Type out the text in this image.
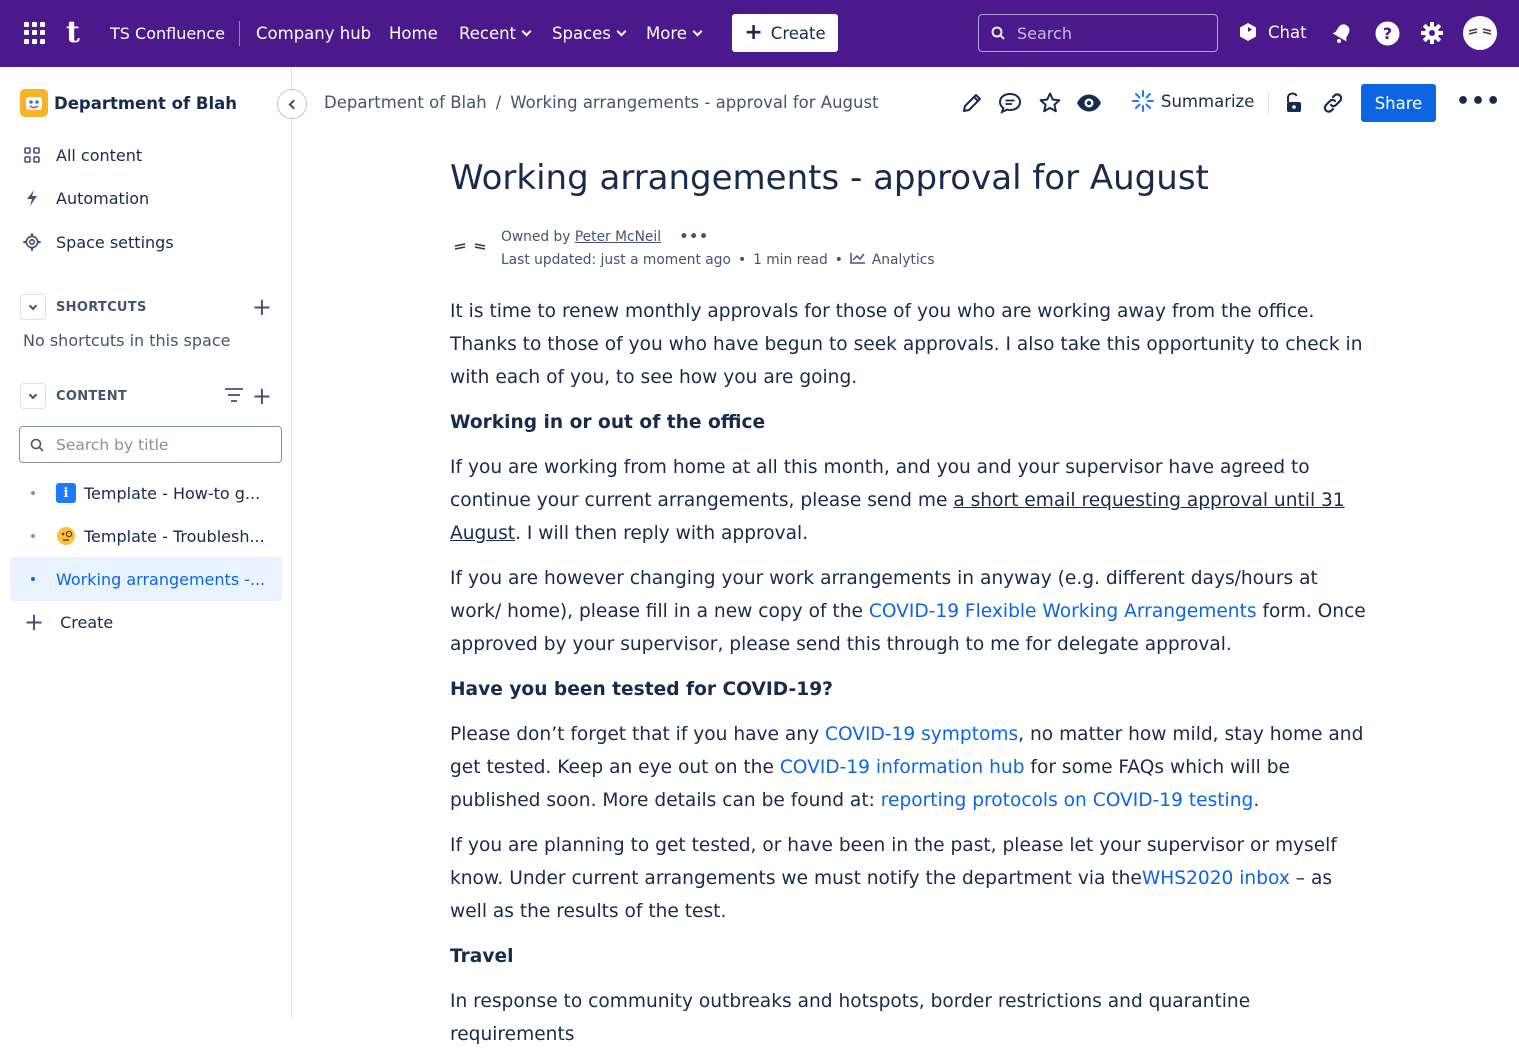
t TS Confluence Company hub Home Recent	Spaces	More	+ Create	Search	Chat	?
Department of Blah
All content
Automation
Space settings
SHORTCUTS	+
No shortcuts in this space
CONTENT	+
Search by title
i Template - How-to g...
Template - Troublesh...
Working arrangements -...
+ Create
Department of Blah / Working arrangements - approval for August	Summarize	Share •••
Working arrangements - approval for August
Owned by Peter McNeil •••
Last updated: just a moment ago • 1 min read • Analytics

It is time to renew monthly approvals for those of you who are working away from the office. Thanks to those of you who have begun to seek approvals. I also take this opportunity to check in with each of you, to see how you are going.

Working in or out of the office

If you are working from home at all this month, and you and your supervisor have agreed to continue your current arrangements, please send me a short email requesting approval until 31 August. I will then reply with approval.

If you are however changing your work arrangements in anyway (e.g. different days/hours at work/ home), please fill in a new copy of the COVID-19 Flexible Working Arrangements form. Once approved by your supervisor, please send this through to me for delegate approval.

Have you been tested for COVID-19?

Please don’t forget that if you have any COVID-19 symptoms, no matter how mild, stay home and get tested. Keep an eye out on the COVID-19 information hub for some FAQs which will be published soon. More details can be found at: reporting protocols on COVID-19 testing.

If you are planning to get tested, or have been in the past, please let your supervisor or myself know. Under current arrangements we must notify the department via theWHS2020 inbox – as well as the results of the test.

Travel

In response to community outbreaks and hotspots, border restrictions and quarantine requirements
